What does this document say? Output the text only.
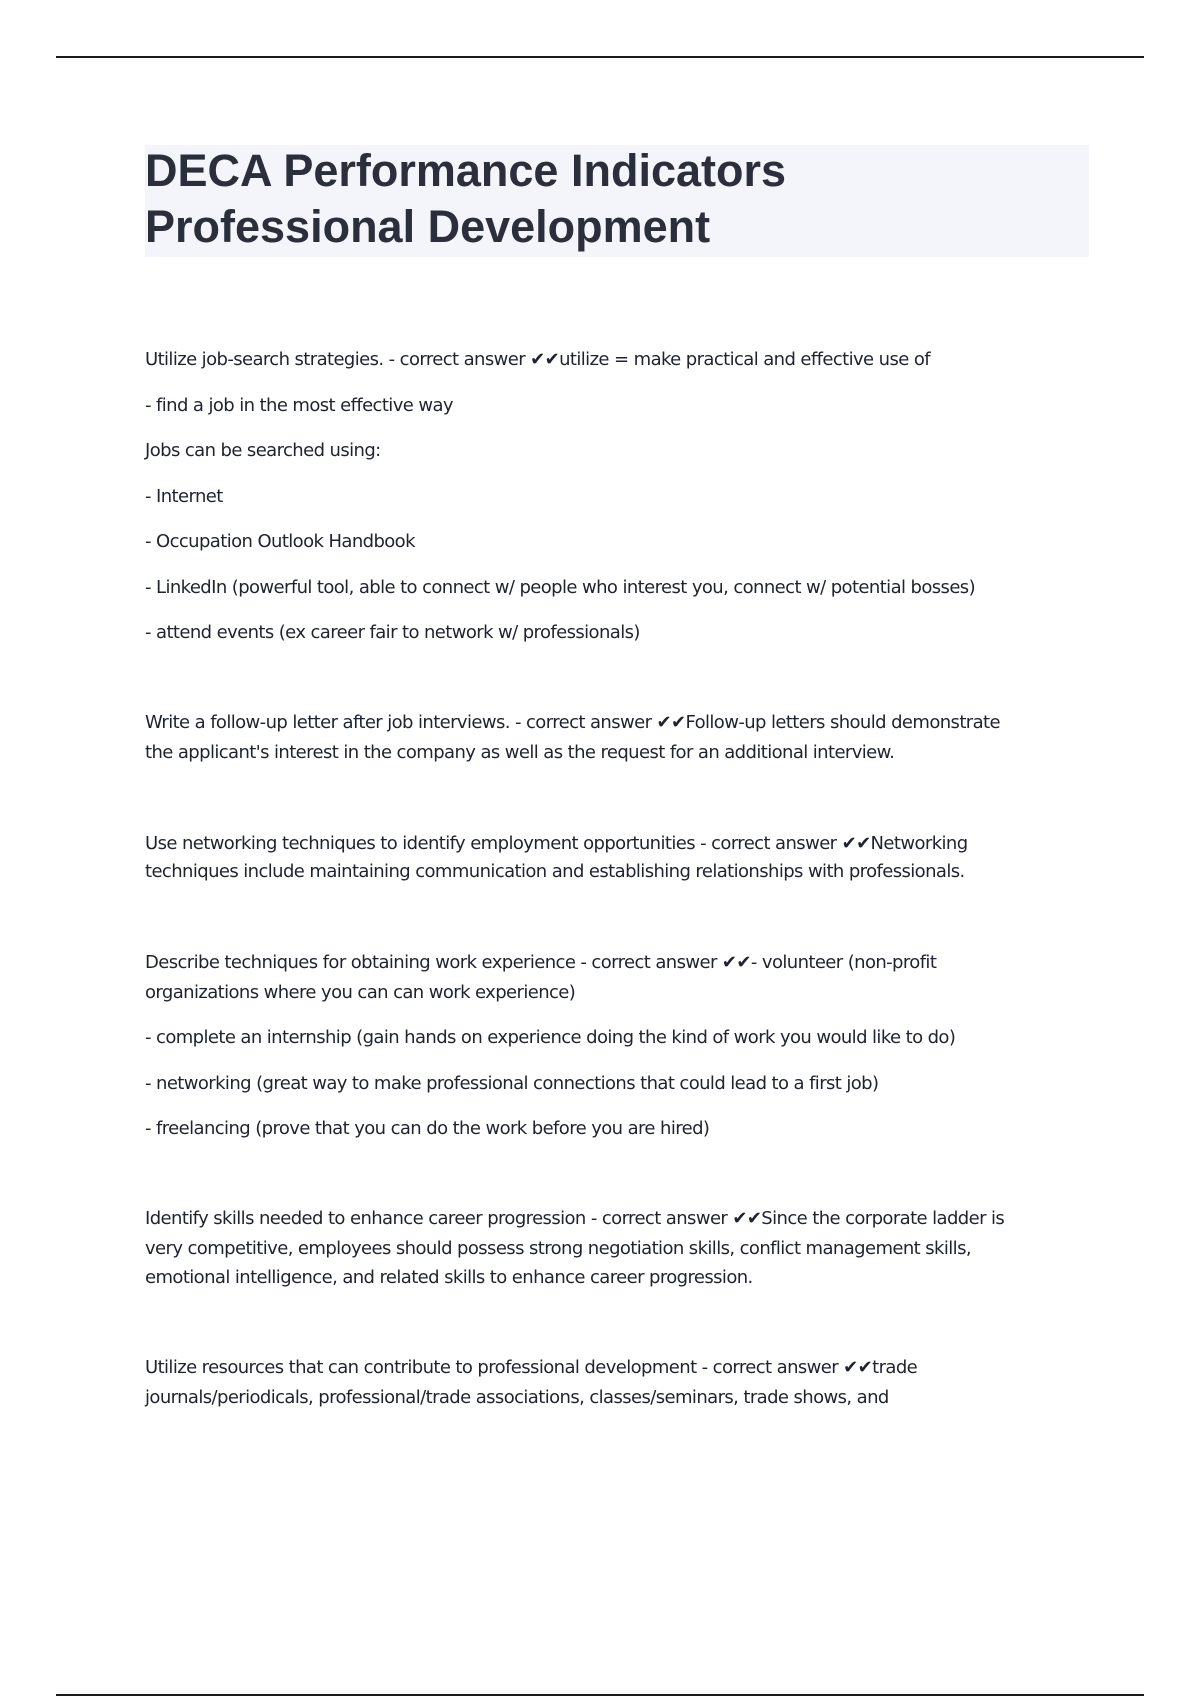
DECA Performance Indicators
Professional Development
Utilize job-search strategies. - correct answer ✔✔utilize = make practical and effective use of
- find a job in the most effective way
Jobs can be searched using:
- Internet
- Occupation Outlook Handbook
- LinkedIn (powerful tool, able to connect w/ people who interest you, connect w/ potential bosses)
- attend events (ex career fair to network w/ professionals)
Write a follow-up letter after job interviews. - correct answer ✔✔Follow-up letters should demonstrate
the applicant's interest in the company as well as the request for an additional interview.
Use networking techniques to identify employment opportunities - correct answer ✔✔Networking
techniques include maintaining communication and establishing relationships with professionals.
Describe techniques for obtaining work experience - correct answer ✔✔- volunteer (non-profit
organizations where you can can work experience)
- complete an internship (gain hands on experience doing the kind of work you would like to do)
- networking (great way to make professional connections that could lead to a first job)
- freelancing (prove that you can do the work before you are hired)
Identify skills needed to enhance career progression - correct answer ✔✔Since the corporate ladder is
very competitive, employees should possess strong negotiation skills, conflict management skills,
emotional intelligence, and related skills to enhance career progression.
Utilize resources that can contribute to professional development - correct answer ✔✔trade
journals/periodicals, professional/trade associations, classes/seminars, trade shows, and
